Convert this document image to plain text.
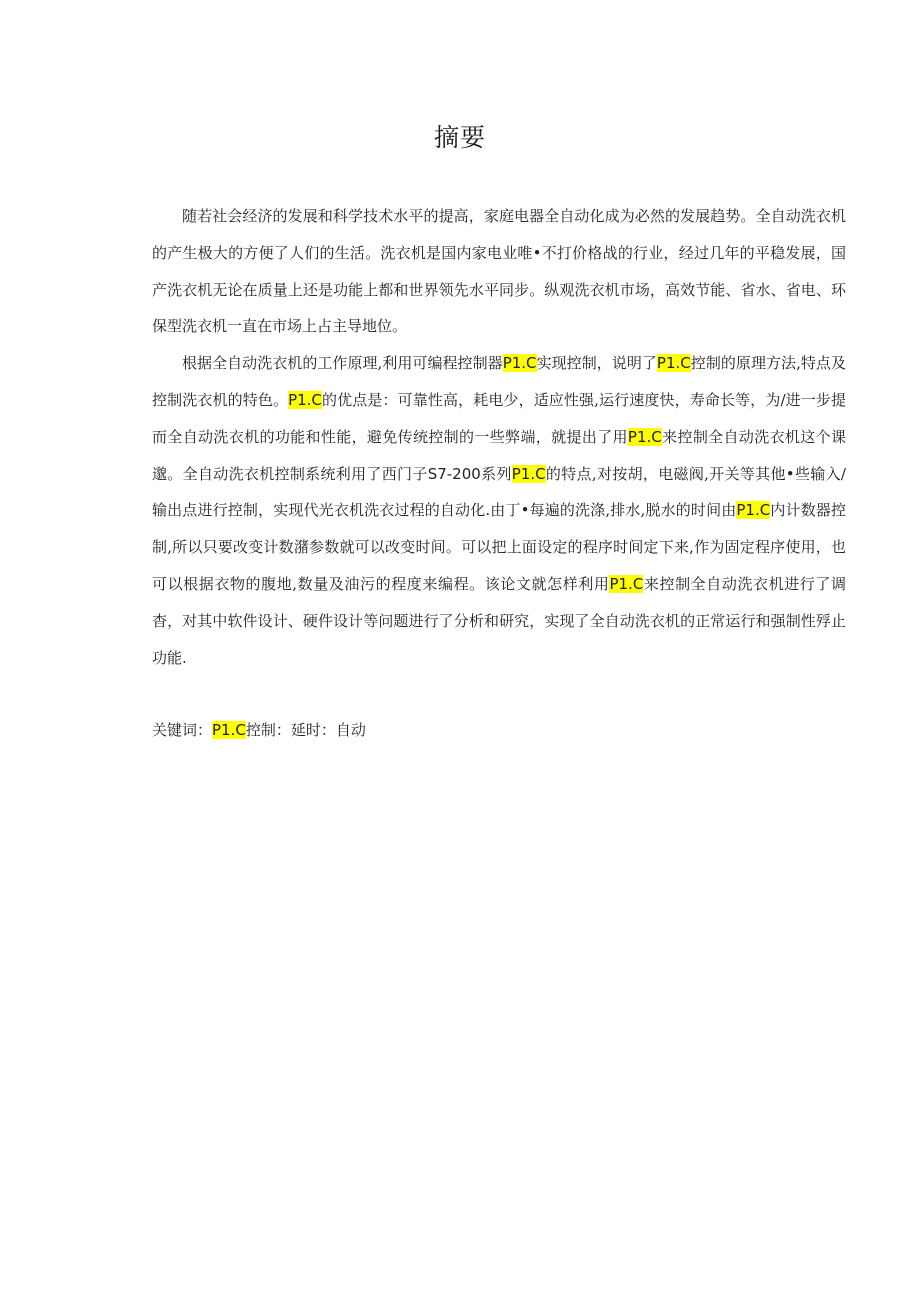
摘要

随若社会经济的发展和科学技术水平的提高，家庭电器全自动化成为必然的发展趋势。全自动洗衣机的产生极大的方便了人们的生活。洗衣机是国内家电业唯•不打价格战的行业，经过几年的平稳发展，国产洗衣机无论在质量上还是功能上都和世界领先水平同步。纵观洗衣机市场，高效节能、省水、省电、环保型洗衣机一直在市场上占主导地位。

根据全自动洗衣机的工作原理,利用可编程控制器P1.C实现控制，说明了P1.C控制的原理方法,特点及控制洗衣机的特色。P1.C的优点是：可靠性高，耗电少，适应性强,运行速度快，寿命长等，为/进一步提而全自动洗衣机的功能和性能，避免传统控制的一些弊端，就提出了用P1.C来控制全自动洗衣机这个课邈。全自动洗衣机控制系统利用了西门子S7-200系列P1.C的特点,对按胡，电磁阀,开关等其他•些输入/输出点进行控制，实现代光衣机洗衣过程的自动化.由丁•每遍的洗涤,排水,脱水的时间由P1.C内计数器控制,所以只要改变计数潴参数就可以改变时间。可以把上面设定的程序时间定下来,作为固定程序使用，也可以根据衣物的腹地,数量及油污的程度来编程。该论文就怎样利用P1.C来控制全自动洗衣机进行了调杳，对其中软件设计、硬件设计等问题进行了分析和研究，实现了全自动洗衣机的正常运行和强制性殍止功能.

关键词：P1.C控制：延时：自动
